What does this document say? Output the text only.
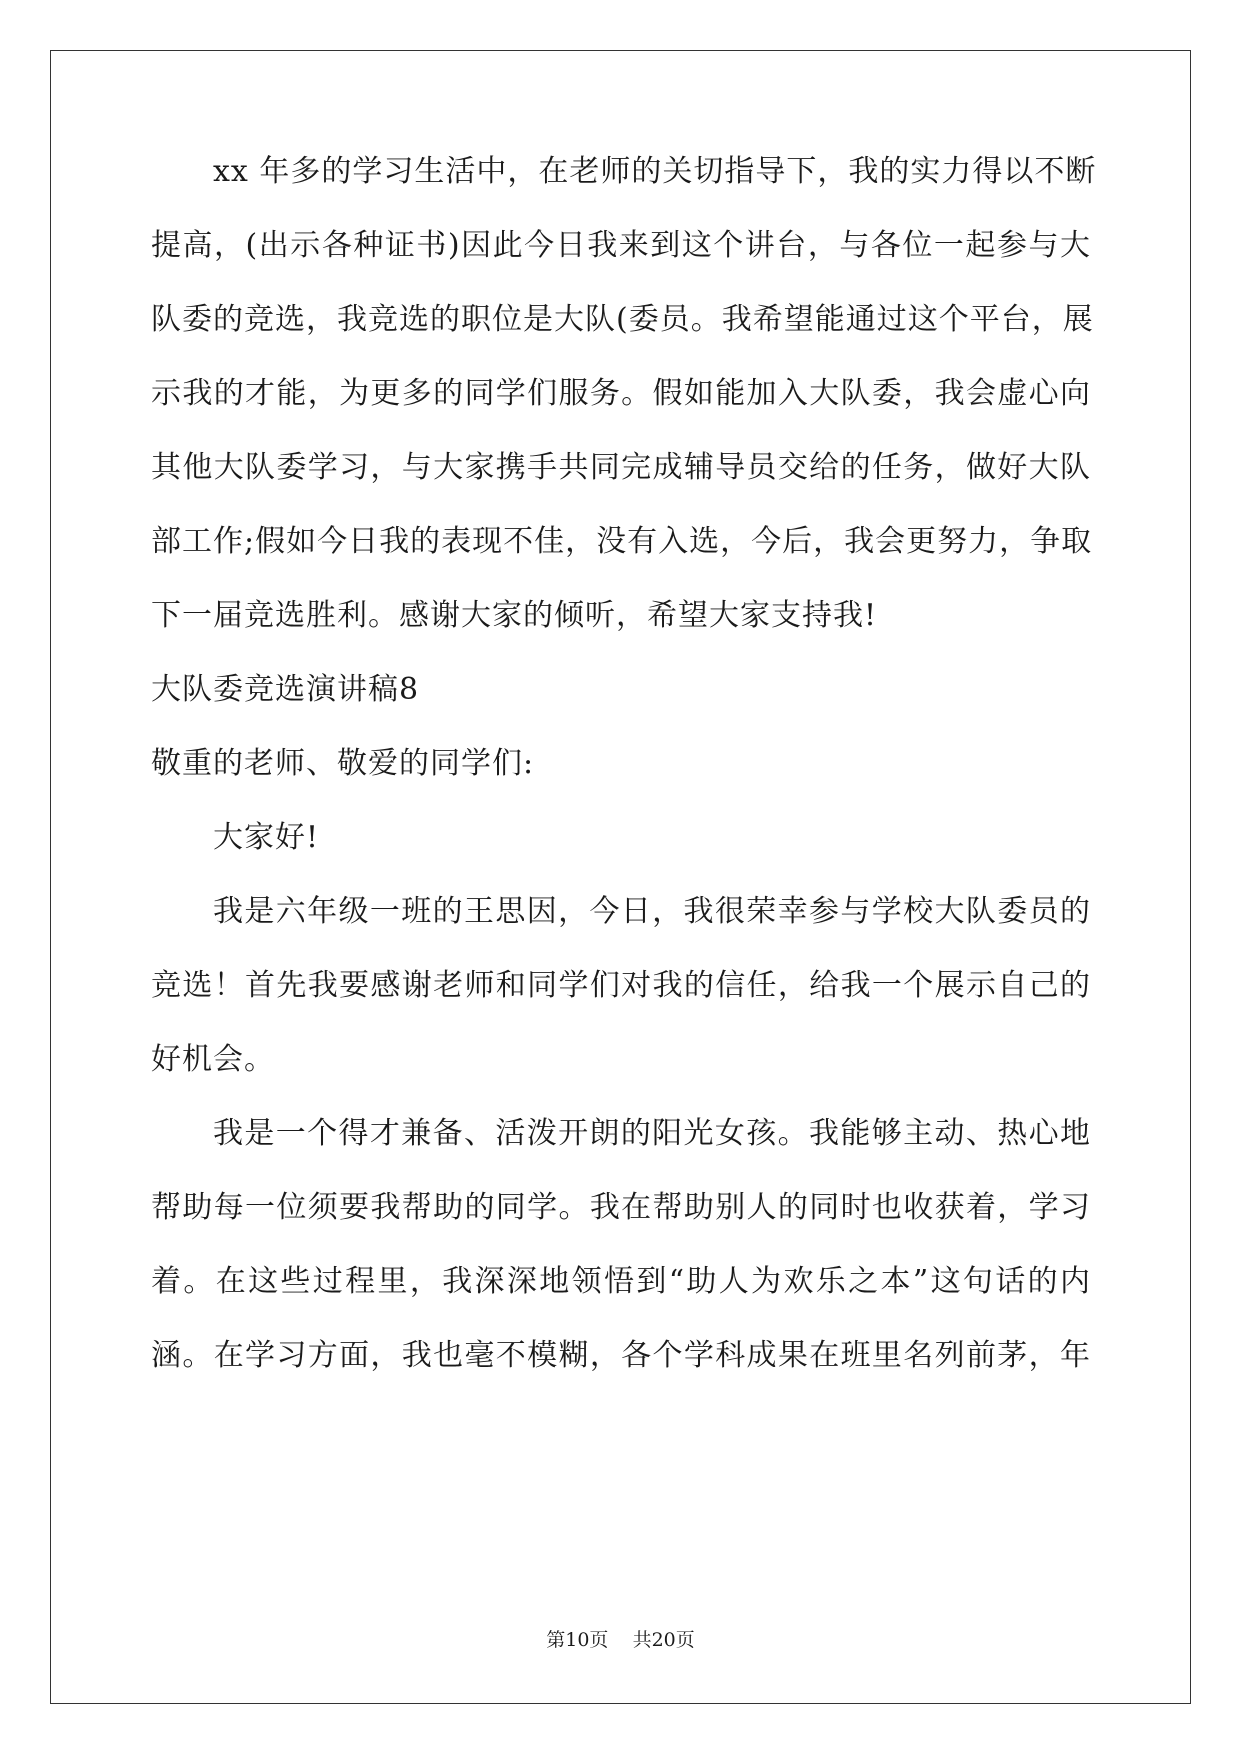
xx 年多的学习生活中，在老师的关切指导下，我的实力得以不断
提高，(出示各种证书)因此今日我来到这个讲台，与各位一起参与大
队委的竞选，我竞选的职位是大队(委员。我希望能通过这个平台，展
示我的才能，为更多的同学们服务。假如能加入大队委，我会虚心向
其他大队委学习，与大家携手共同完成辅导员交给的任务，做好大队
部工作;假如今日我的表现不佳，没有入选，今后，我会更努力，争取
下一届竞选胜利。感谢大家的倾听，希望大家支持我!
大队委竞选演讲稿8
敬重的老师、敬爱的同学们:
大家好!
我是六年级一班的王思因，今日，我很荣幸参与学校大队委员的
竞选！首先我要感谢老师和同学们对我的信任，给我一个展示自己的
好机会。
我是一个得才兼备、活泼开朗的阳光女孩。我能够主动、热心地
帮助每一位须要我帮助的同学。我在帮助别人的同时也收获着，学习
着。在这些过程里，我深深地领悟到“助人为欢乐之本”这句话的内
涵。在学习方面，我也毫不模糊，各个学科成果在班里名列前茅，年
第10页    共20页
